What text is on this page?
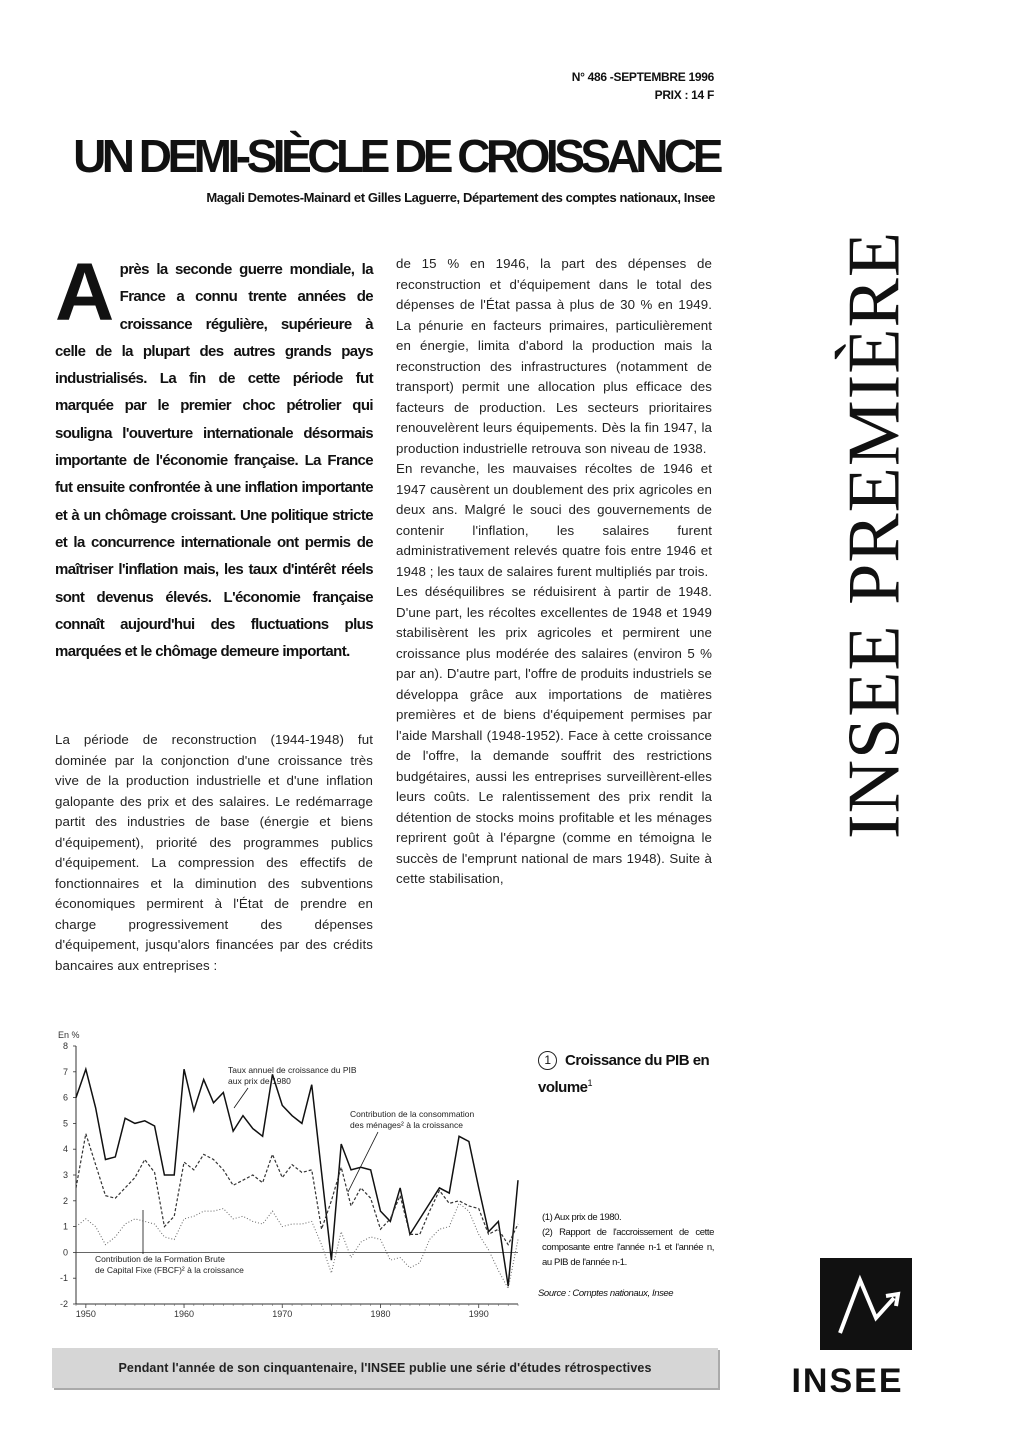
N° 486 -SEPTEMBRE 1996
PRIX : 14 F
UN DEMI-SIÈCLE DE CROISSANCE
Magali Demotes-Mainard et Gilles Laguerre, Département des comptes nationaux, Insee
INSEE PREMIÈRE
Après la seconde guerre mondiale, la France a connu trente années de croissance régulière, supérieure à celle de la plupart des autres grands pays industrialisés. La fin de cette période fut marquée par le premier choc pétrolier qui souligna l'ouverture internationale désormais importante de l'économie française. La France fut ensuite confrontée à une inflation importante et à un chômage croissant. Une politique stricte et la concurrence internationale ont permis de maîtriser l'inflation mais, les taux d'intérêt réels sont devenus élevés. L'économie française connaît aujourd'hui des fluctuations plus marquées et le chômage demeure important.

La période de reconstruction (1944-1948) fut dominée par la conjonction d'une croissance très vive de la production industrielle et d'une inflation galopante des prix et des salaires. Le redémarrage partit des industries de base (énergie et biens d'équipement), priorité des programmes publics d'équipement. La compression des effectifs de fonctionnaires et la diminution des subventions économiques permirent à l'État de prendre en charge progressivement des dépenses d'équipement, jusqu'alors financées par des crédits bancaires aux entreprises :

de 15 % en 1946, la part des dépenses de reconstruction et d'équipement dans le total des dépenses de l'État passa à plus de 30 % en 1949. La pénurie en facteurs primaires, particulièrement en énergie, limita d'abord la production mais la reconstruction des infrastructures (notamment de transport) permit une allocation plus efficace des facteurs de production. Les secteurs prioritaires renouvelèrent leurs équipements. Dès la fin 1947, la production industrielle retrouva son niveau de 1938.

En revanche, les mauvaises récoltes de 1946 et 1947 causèrent un doublement des prix agricoles en deux ans. Malgré le souci des gouvernements de contenir l'inflation, les salaires furent administrativement relevés quatre fois entre 1946 et 1948 ; les taux de salaires furent multipliés par trois.

Les déséquilibres se réduisirent à partir de 1948. D'une part, les récoltes excellentes de 1948 et 1949 stabilisèrent les prix agricoles et permirent une croissance plus modérée des salaires (environ 5 % par an). D'autre part, l'offre de produits industriels se développa grâce aux importations de matières premières et de biens d'équipement permises par l'aide Marshall (1948-1952). Face à cette croissance de l'offre, la demande souffrit des restrictions budgétaires, aussi les entreprises surveillèrent-elles leurs coûts. Le ralentissement des prix rendit la détention de stocks moins profitable et les ménages reprirent goût à l'épargne (comme en témoigna le succès de l'emprunt national de mars 1948). Suite à cette stabilisation,

En %
8
7
6
5
4
3
2
1
0
-1
-2
1950	1960	1970	1980	1990
Taux annuel de croissance du PIB
aux prix de 1980
Contribution de la consommation
des ménages² à la croissance
Contribution de la Formation Brute
de Capital Fixe (FBCF)² à la croissance
1 Croissance du PIB en volume$^1$

(1) Aux prix de 1980.

(2) Rapport de l'accroissement de cette composante entre l'année n-1 et l'année n, au PIB de l'année n-1.

Source : Comptes nationaux, Insee
Pendant l'année de son cinquantenaire, l'INSEE publie une série d'études rétrospectives	INSEE
